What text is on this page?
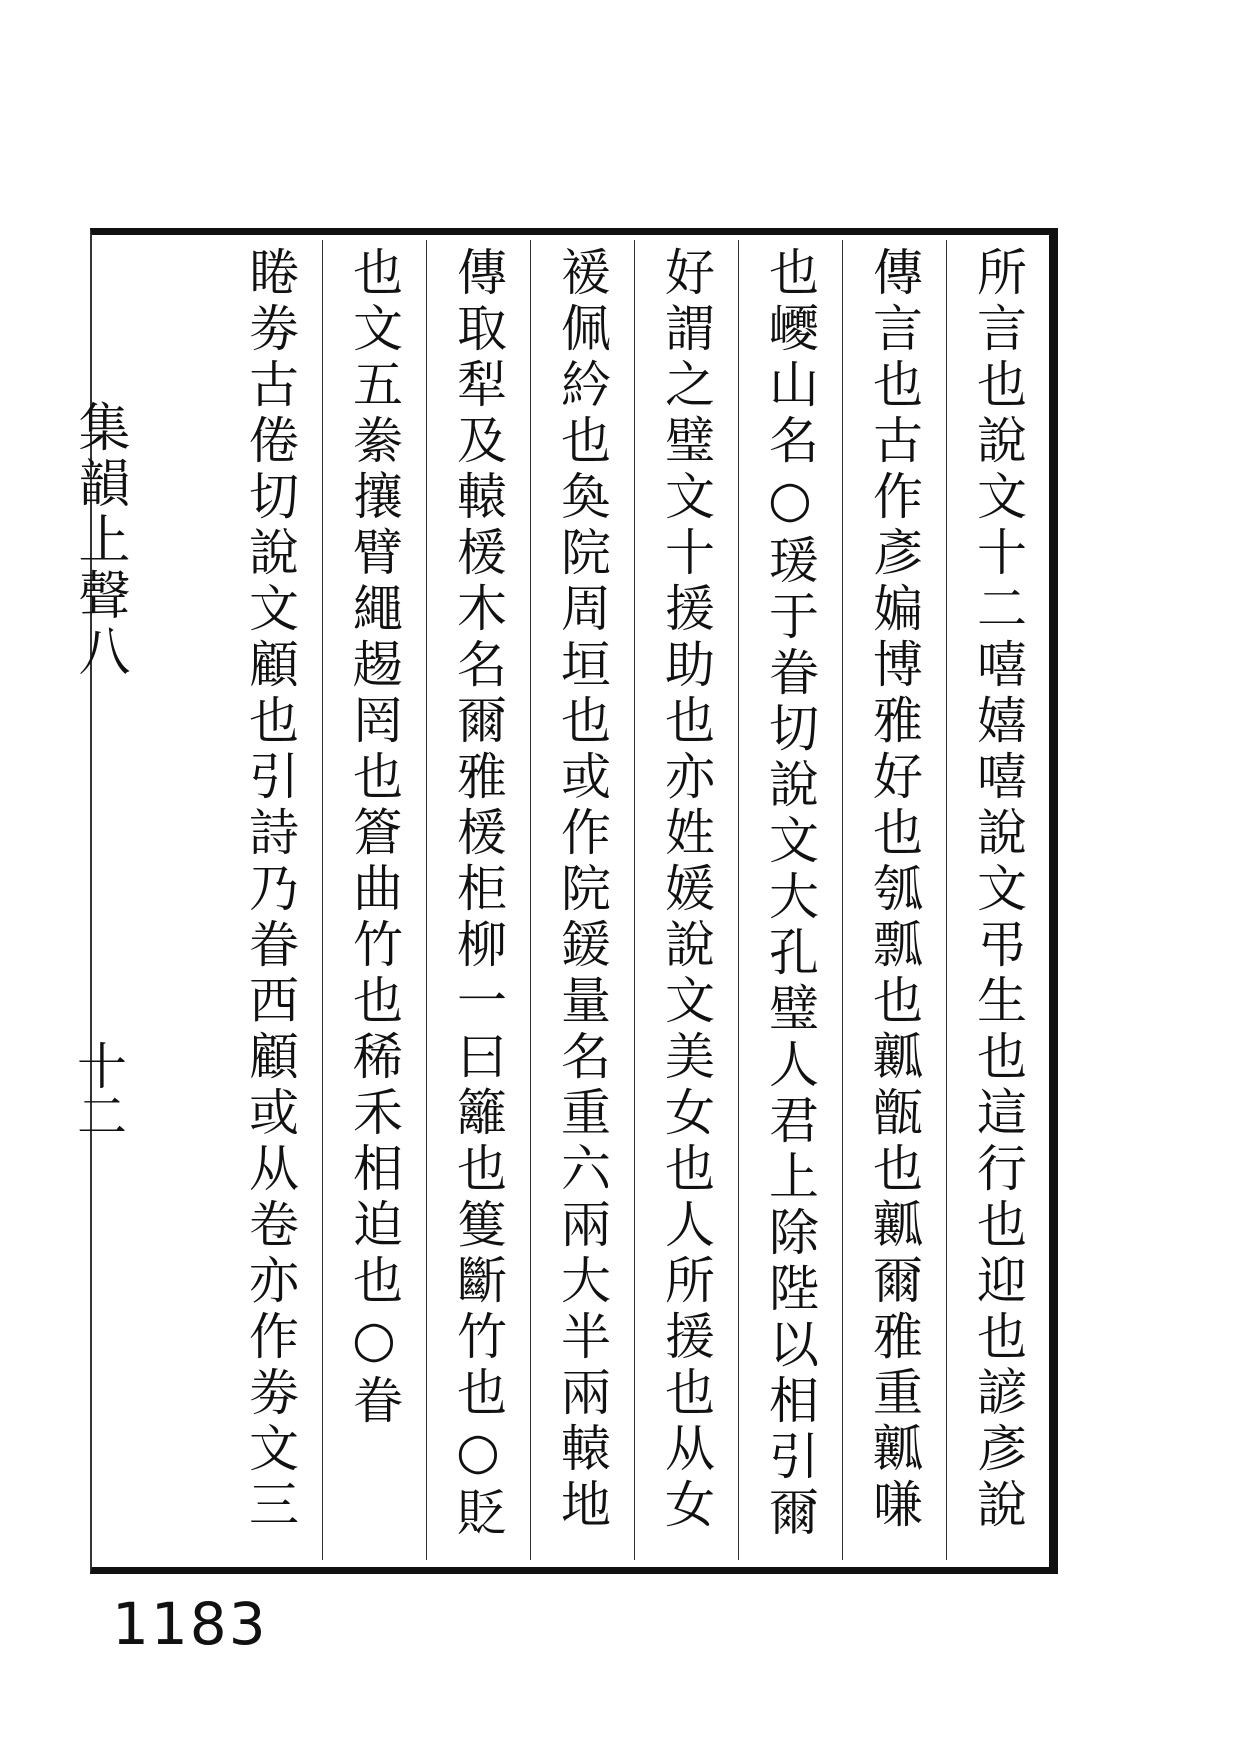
所言也說文十二嘻嬉嘻說文弔生也這行也迎也諺彥說
傳言也古作彥媥博雅好也瓠瓢也瓤甑也瓤爾雅重瓤嗛
也巎山名○瑗于眷切說文大孔璧人君上除陛以相引爾
好謂之璧文十援助也亦姓媛說文美女也人所援也从女
褑佩紟也奐院周垣也或作院鍰量名重六兩大半兩轅地
傳取犁及轅楥木名爾雅楥柜柳一曰籬也篗斷竹也○貶
也文五絭攘臂繩䞶罔也篬曲竹也稀禾相迫也○眷
睠劵古倦切說文顧也引詩乃眷西顧或从卷亦作劵文三
集韻上聲八
十二
1183
